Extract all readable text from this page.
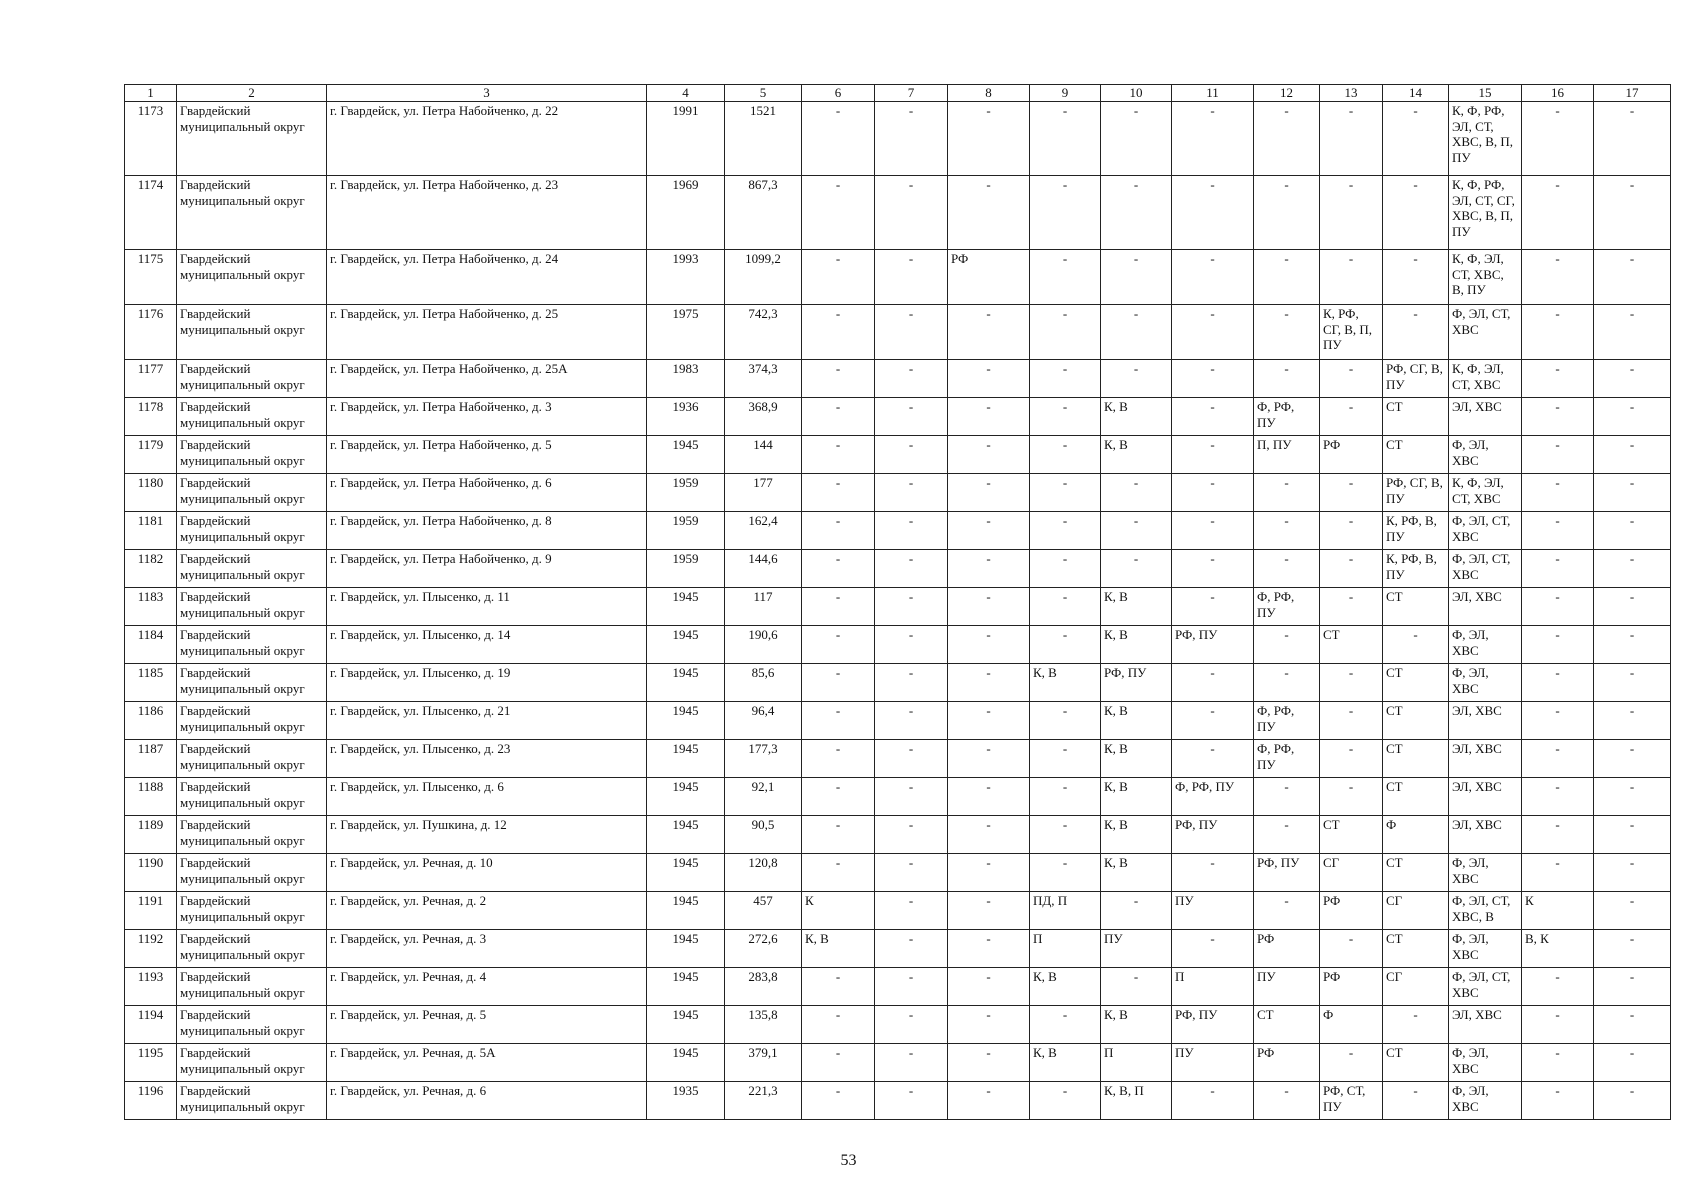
1	2	3	4	5	6	7	8	9	10	11	12	13	14	15	16	17
1173	Гвардейский муниципальный округ	г. Гвардейск, ул. Петра Набойченко, д. 22	1991	1521	-	-	-	-	-	-	-	-	-	К, Ф, РФ, ЭЛ, СТ, ХВС, В, П, ПУ	-	-
1174	Гвардейский муниципальный округ	г. Гвардейск, ул. Петра Набойченко, д. 23	1969	867,3	-	-	-	-	-	-	-	-	-	К, Ф, РФ, ЭЛ, СТ, СГ, ХВС, В, П, ПУ	-	-
1175	Гвардейский муниципальный округ	г. Гвардейск, ул. Петра Набойченко, д. 24	1993	1099,2	-	-	РФ	-	-	-	-	-	-	К, Ф, ЭЛ, СТ, ХВС, В, ПУ	-	-
1176	Гвардейский муниципальный округ	г. Гвардейск, ул. Петра Набойченко, д. 25	1975	742,3	-	-	-	-	-	-	-	К, РФ, СГ, В, П, ПУ	-	Ф, ЭЛ, СТ, ХВС	-	-
1177	Гвардейский муниципальный округ	г. Гвардейск, ул. Петра Набойченко, д. 25А	1983	374,3	-	-	-	-	-	-	-	-	РФ, СГ, В, ПУ	К, Ф, ЭЛ, СТ, ХВС	-	-
1178	Гвардейский муниципальный округ	г. Гвардейск, ул. Петра Набойченко, д. 3	1936	368,9	-	-	-	-	К, В	-	Ф, РФ, ПУ	-	СТ	ЭЛ, ХВС	-	-
1179	Гвардейский муниципальный округ	г. Гвардейск, ул. Петра Набойченко, д. 5	1945	144	-	-	-	-	К, В	-	П, ПУ	РФ	СТ	Ф, ЭЛ, ХВС	-	-
1180	Гвардейский муниципальный округ	г. Гвардейск, ул. Петра Набойченко, д. 6	1959	177	-	-	-	-	-	-	-	-	РФ, СГ, В, ПУ	К, Ф, ЭЛ, СТ, ХВС	-	-
1181	Гвардейский муниципальный округ	г. Гвардейск, ул. Петра Набойченко, д. 8	1959	162,4	-	-	-	-	-	-	-	-	К, РФ, В, ПУ	Ф, ЭЛ, СТ, ХВС	-	-
1182	Гвардейский муниципальный округ	г. Гвардейск, ул. Петра Набойченко, д. 9	1959	144,6	-	-	-	-	-	-	-	-	К, РФ, В, ПУ	Ф, ЭЛ, СТ, ХВС	-	-
1183	Гвардейский муниципальный округ	г. Гвардейск, ул. Плысенко, д. 11	1945	117	-	-	-	-	К, В	-	Ф, РФ, ПУ	-	СТ	ЭЛ, ХВС	-	-
1184	Гвардейский муниципальный округ	г. Гвардейск, ул. Плысенко, д. 14	1945	190,6	-	-	-	-	К, В	РФ, ПУ	-	СТ	-	Ф, ЭЛ, ХВС	-	-
1185	Гвардейский муниципальный округ	г. Гвардейск, ул. Плысенко, д. 19	1945	85,6	-	-	-	К, В	РФ, ПУ	-	-	-	СТ	Ф, ЭЛ, ХВС	-	-
1186	Гвардейский муниципальный округ	г. Гвардейск, ул. Плысенко, д. 21	1945	96,4	-	-	-	-	К, В	-	Ф, РФ, ПУ	-	СТ	ЭЛ, ХВС	-	-
1187	Гвардейский муниципальный округ	г. Гвардейск, ул. Плысенко, д. 23	1945	177,3	-	-	-	-	К, В	-	Ф, РФ, ПУ	-	СТ	ЭЛ, ХВС	-	-
1188	Гвардейский муниципальный округ	г. Гвардейск, ул. Плысенко, д. 6	1945	92,1	-	-	-	-	К, В	Ф, РФ, ПУ	-	-	СТ	ЭЛ, ХВС	-	-
1189	Гвардейский муниципальный округ	г. Гвардейск, ул. Пушкина, д. 12	1945	90,5	-	-	-	-	К, В	РФ, ПУ	-	СТ	Ф	ЭЛ, ХВС	-	-
1190	Гвардейский муниципальный округ	г. Гвардейск, ул. Речная, д. 10	1945	120,8	-	-	-	-	К, В	-	РФ, ПУ	СГ	СТ	Ф, ЭЛ, ХВС	-	-
1191	Гвардейский муниципальный округ	г. Гвардейск, ул. Речная, д. 2	1945	457	К	-	-	ПД, П	-	ПУ	-	РФ	СГ	Ф, ЭЛ, СТ, ХВС, В	К	-
1192	Гвардейский муниципальный округ	г. Гвардейск, ул. Речная, д. 3	1945	272,6	К, В	-	-	П	ПУ	-	РФ	-	СТ	Ф, ЭЛ, ХВС	В, К	-
1193	Гвардейский муниципальный округ	г. Гвардейск, ул. Речная, д. 4	1945	283,8	-	-	-	К, В	-	П	ПУ	РФ	СГ	Ф, ЭЛ, СТ, ХВС	-	-
1194	Гвардейский муниципальный округ	г. Гвардейск, ул. Речная, д. 5	1945	135,8	-	-	-	-	К, В	РФ, ПУ	СТ	Ф	-	ЭЛ, ХВС	-	-
1195	Гвардейский муниципальный округ	г. Гвардейск, ул. Речная, д. 5А	1945	379,1	-	-	-	К, В	П	ПУ	РФ	-	СТ	Ф, ЭЛ, ХВС	-	-
1196	Гвардейский муниципальный округ	г. Гвардейск, ул. Речная, д. 6	1935	221,3	-	-	-	-	К, В, П	-	-	РФ, СТ, ПУ	-	Ф, ЭЛ, ХВС	-	-
53
